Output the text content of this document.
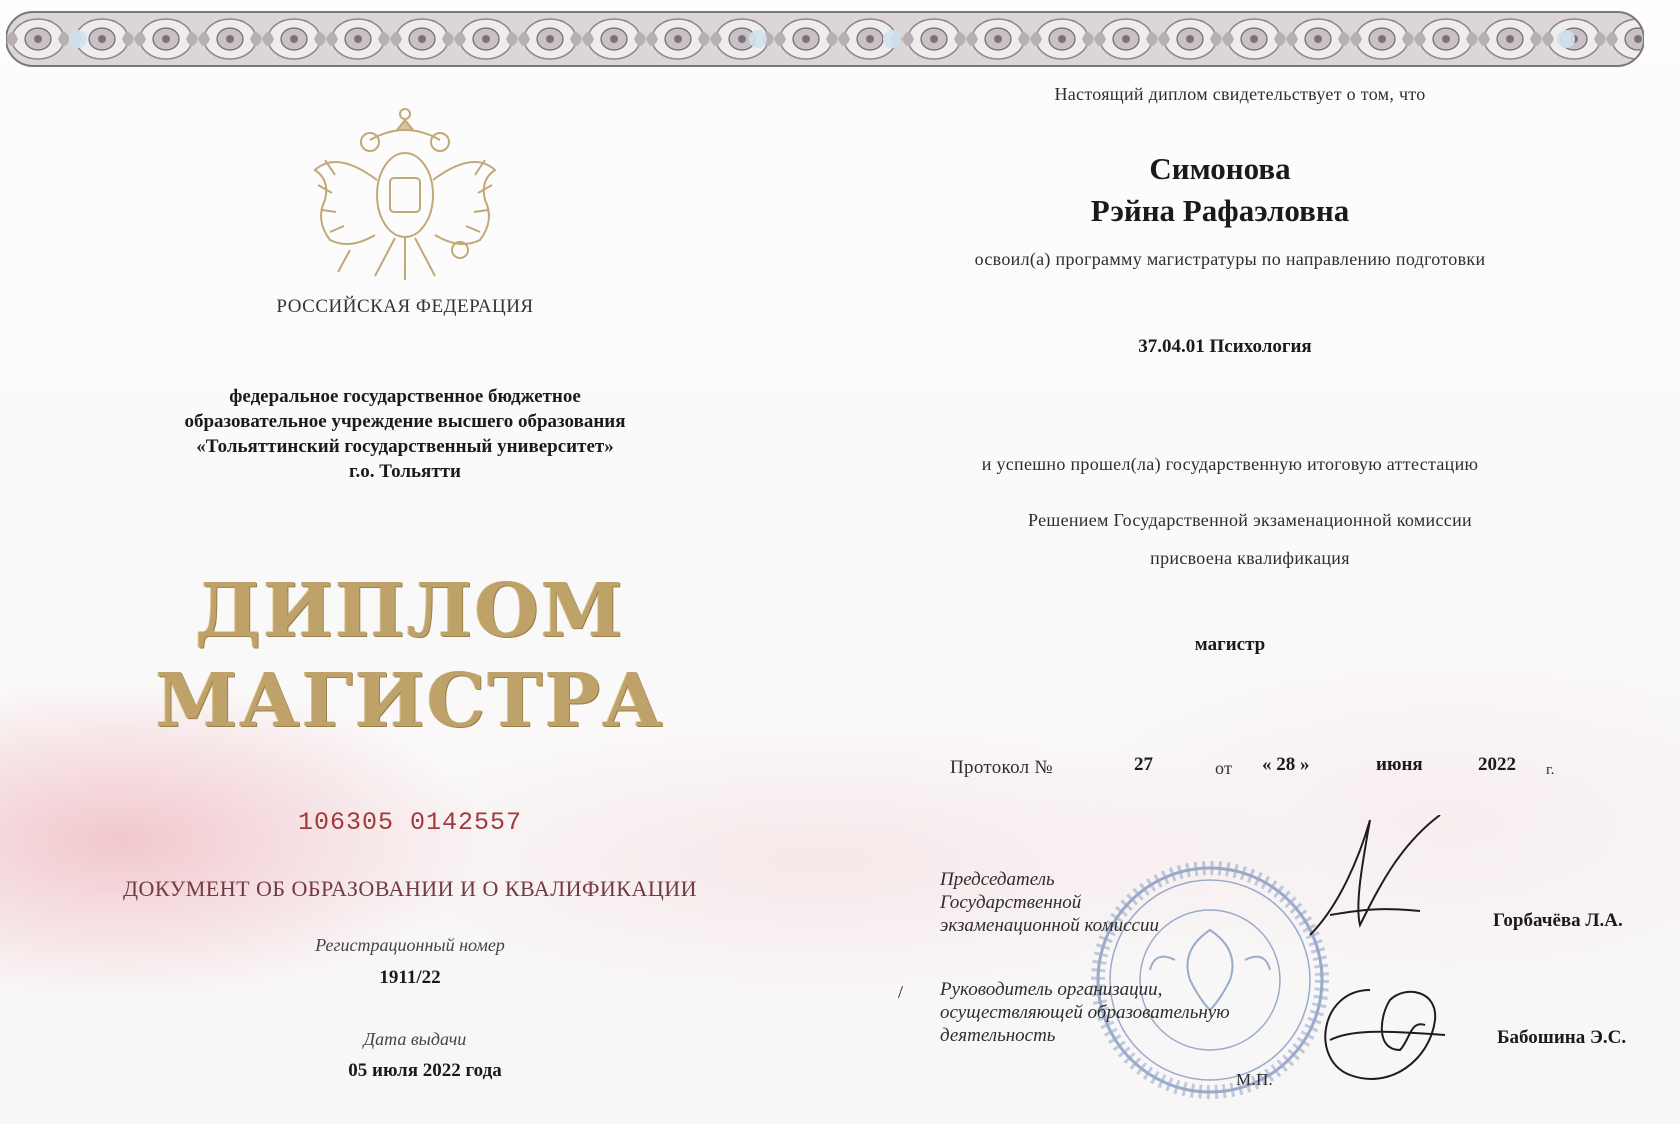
РОССИЙСКАЯ ФЕДЕРАЦИЯ
федеральное государственное бюджетное
образовательное учреждение высшего образования
«Тольяттинский государственный университет»
г.о. Тольятти
ДИПЛОМ
МАГИСТРА
106305 0142557
ДОКУМЕНТ ОБ ОБРАЗОВАНИИ И О КВАЛИФИКАЦИИ
Регистрационный номер
1911/22
Дата выдачи
05 июля 2022 года
Настоящий диплом свидетельствует о том, что
Симонова
Рэйна Рафаэловна
освоил(а) программу магистратуры по направлению подготовки
37.04.01 Психология
и успешно прошел(ла) государственную итоговую аттестацию
Решением Государственной экзаменационной комиссии
присвоена квалификация
магистр
Протокол №	27	от « 28 »	июня	2022 г.
Председатель
Государственной
экзаменационной комиссии	Горбачёва Л.А.
/ Руководитель организации,
осуществляющей образовательную
деятельность	Бабошина Э.С.
М.П.
